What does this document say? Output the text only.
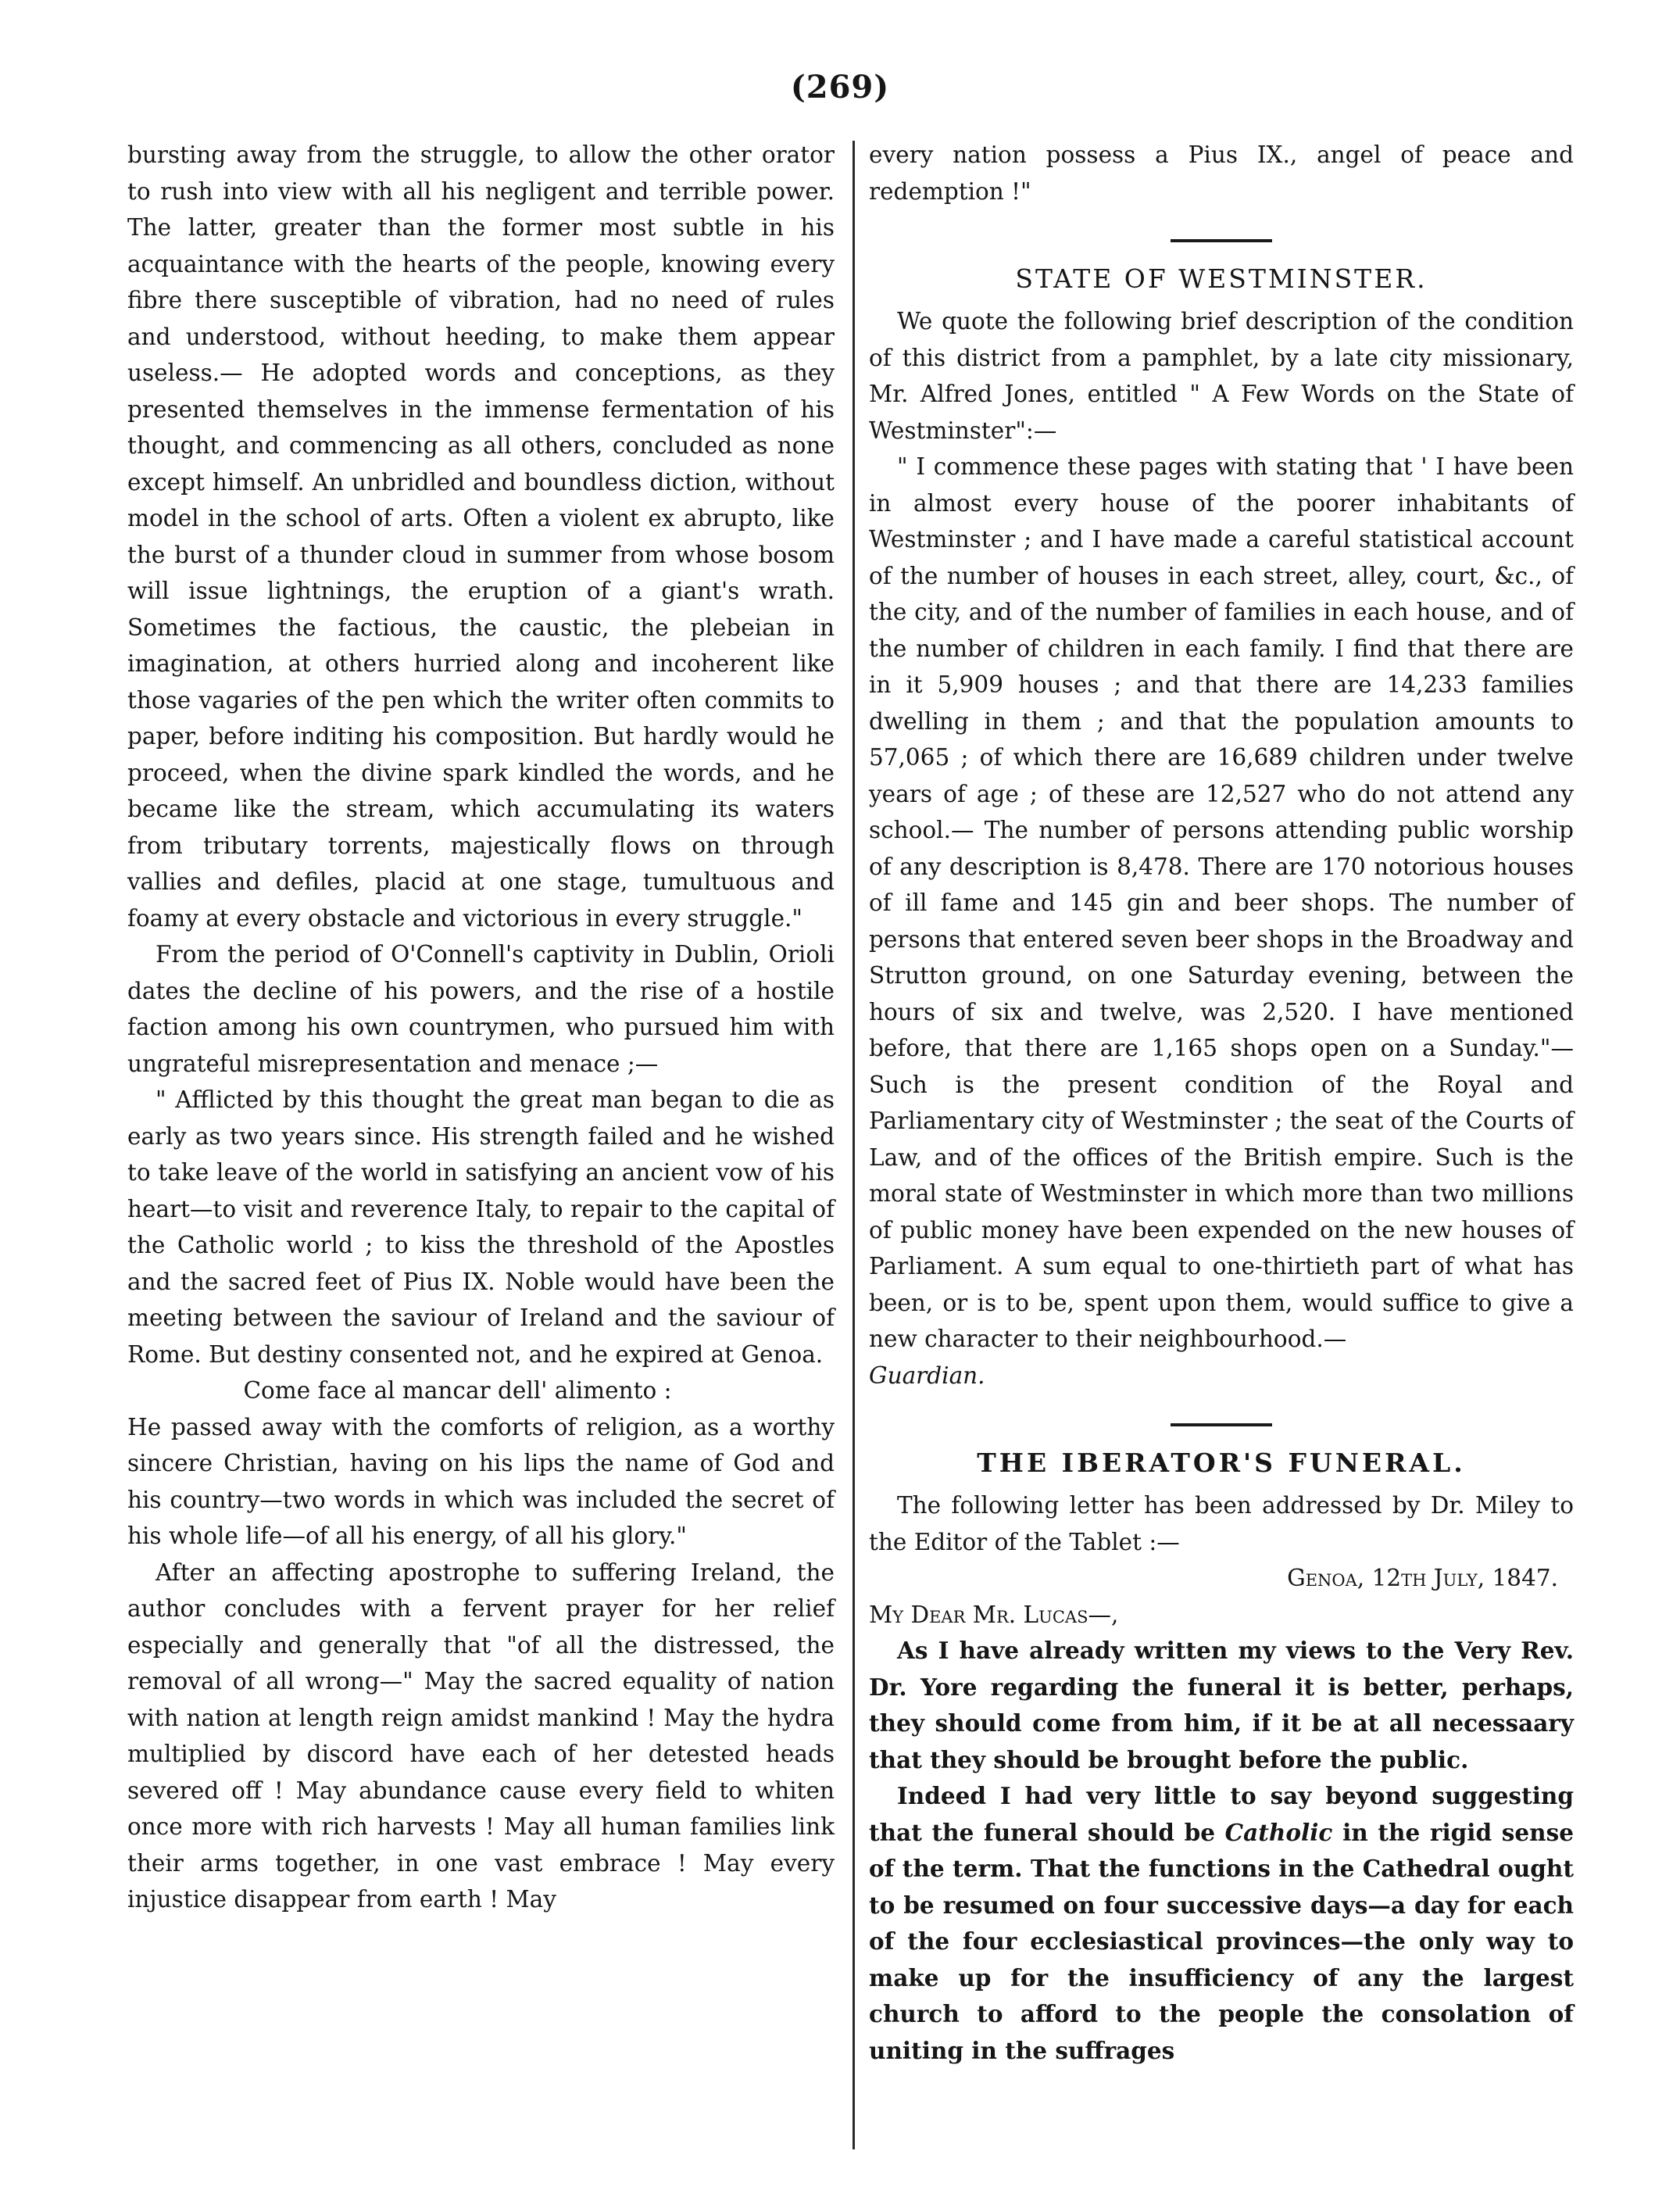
(269)

bursting away from the struggle, to allow the other orator to rush into view with all his negligent and terrible power. The latter, greater than the former most subtle in his acquaintance with the hearts of the people, knowing every fibre there susceptible of vibration, had no need of rules and understood, without heeding, to make them appear useless.— He adopted words and conceptions, as they presented themselves in the immense fermentation of his thought, and commencing as all others, concluded as none except himself. An unbridled and boundless diction, without model in the school of arts. Often a violent ex abrupto, like the burst of a thunder cloud in summer from whose bosom will issue lightnings, the eruption of a giant's wrath. Sometimes the factious, the caustic, the plebeian in imagination, at others hurried along and incoherent like those vagaries of the pen which the writer often commits to paper, before inditing his composition. But hardly would he proceed, when the divine spark kindled the words, and he became like the stream, which accumulating its waters from tributary torrents, majestically flows on through vallies and defiles, placid at one stage, tumultuous and foamy at every obstacle and victorious in every struggle."

From the period of O'Connell's captivity in Dublin, Orioli dates the decline of his powers, and the rise of a hostile faction among his own countrymen, who pursued him with ungrateful misrepresentation and menace ;—

" Afflicted by this thought the great man began to die as early as two years since. His strength failed and he wished to take leave of the world in satisfying an ancient vow of his heart—to visit and reverence Italy, to repair to the capital of the Catholic world ; to kiss the threshold of the Apostles and the sacred feet of Pius IX. Noble would have been the meeting between the saviour of Ireland and the saviour of Rome. But destiny consented not, and he expired at Genoa.

Come face al mancar dell' alimento :

He passed away with the comforts of religion, as a worthy sincere Christian, having on his lips the name of God and his country—two words in which was included the secret of his whole life—of all his energy, of all his glory."

After an affecting apostrophe to suffering Ireland, the author concludes with a fervent prayer for her relief especially and generally that "of all the distressed, the removal of all wrong—" May the sacred equality of nation with nation at length reign amidst mankind ! May the hydra multiplied by discord have each of her detested heads severed off ! May abundance cause every field to whiten once more with rich harvests ! May all human families link their arms together, in one vast embrace ! May every injustice disappear from earth ! May

every nation possess a Pius IX., angel of peace and redemption !"

STATE OF WESTMINSTER.

We quote the following brief description of the condition of this district from a pamphlet, by a late city missionary, Mr. Alfred Jones, entitled " A Few Words on the State of Westminster":—

" I commence these pages with stating that ' I have been in almost every house of the poorer inhabitants of Westminster ; and I have made a careful statistical account of the number of houses in each street, alley, court, &c., of the city, and of the number of families in each house, and of the number of children in each family. I find that there are in it 5,909 houses ; and that there are 14,233 families dwelling in them ; and that the population amounts to 57,065 ; of which there are 16,689 children under twelve years of age ; of these are 12,527 who do not attend any school.— The number of persons attending public worship of any description is 8,478. There are 170 notorious houses of ill fame and 145 gin and beer shops. The number of persons that entered seven beer shops in the Broadway and Strutton ground, on one Saturday evening, between the hours of six and twelve, was 2,520. I have mentioned before, that there are 1,165 shops open on a Sunday."— Such is the present condition of the Royal and Parliamentary city of Westminster ; the seat of the Courts of Law, and of the offices of the British empire. Such is the moral state of Westminster in which more than two millions of public money have been expended on the new houses of Parliament. A sum equal to one-thirtieth part of what has been, or is to be, spent upon them, would suffice to give a new character to their neighbourhood.—

Guardian.

THE IBERATOR'S FUNERAL.

The following letter has been addressed by Dr. Miley to the Editor of the Tablet :—

Genoa, 12th July, 1847.

My Dear Mr. Lucas—,

As I have already written my views to the Very Rev. Dr. Yore regarding the funeral it is better, perhaps, they should come from him, if it be at all necessaary that they should be brought before the public.

Indeed I had very little to say beyond suggesting that the funeral should be Catholic in the rigid sense of the term. That the functions in the Cathedral ought to be resumed on four successive days—a day for each of the four ecclesiastical provinces—the only way to make up for the insufficiency of any the largest church to afford to the people the consolation of uniting in the suffrages
